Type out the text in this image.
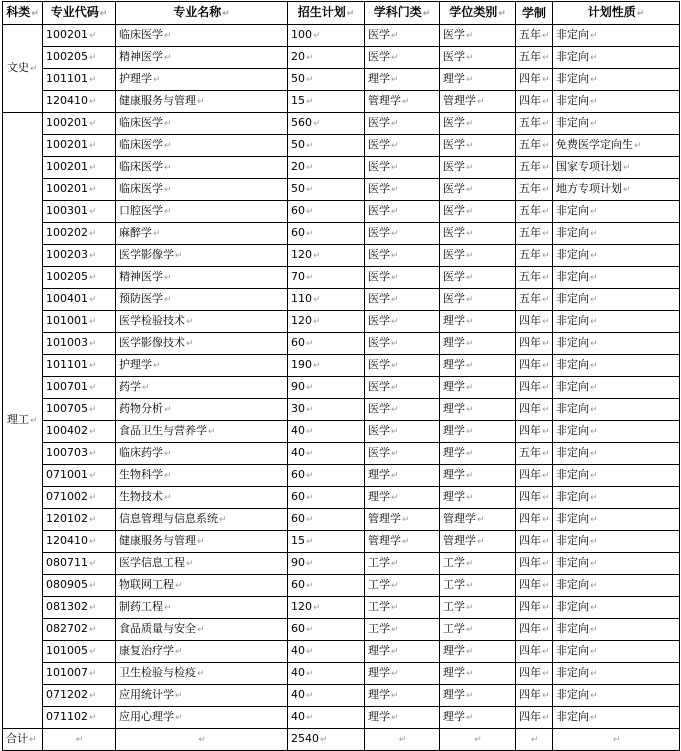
科类↵	专业代码↵	专业名称↵	招生计划↵	学科门类↵	学位类别↵	学制	计划性质↵
文史↵	100201↵	临床医学↵	100↵	医学↵	医学↵	五年↵	非定向↵
	100205↵	精神医学↵	20↵	医学↵	医学↵	五年↵	非定向↵
	101101↵	护理学↵	50↵	理学↵	理学↵	四年↵	非定向↵
	120410↵	健康服务与管理↵	15↵	管理学↵	管理学↵	四年↵	非定向↵
理工↵	100201↵	临床医学↵	560↵	医学↵	医学↵	五年↵	非定向↵
	100201↵	临床医学↵	50↵	医学↵	医学↵	五年↵	免费医学定向生↵
	100201↵	临床医学↵	20↵	医学↵	医学↵	五年↵	国家专项计划↵
	100201↵	临床医学↵	50↵	医学↵	医学↵	五年↵	地方专项计划↵
	100301↵	口腔医学↵	60↵	医学↵	医学↵	五年↵	非定向↵
	100202↵	麻醉学↵	60↵	医学↵	医学↵	五年↵	非定向↵
	100203↵	医学影像学↵	120↵	医学↵	医学↵	五年↵	非定向↵
	100205↵	精神医学↵	70↵	医学↵	医学↵	五年↵	非定向↵
	100401↵	预防医学↵	110↵	医学↵	医学↵	五年↵	非定向↵
	101001↵	医学检验技术↵	120↵	医学↵	理学↵	四年↵	非定向↵
	101003↵	医学影像技术↵	60↵	医学↵	理学↵	四年↵	非定向↵
	101101↵	护理学↵	190↵	医学↵	理学↵	四年↵	非定向↵
	100701↵	药学↵	90↵	医学↵	理学↵	四年↵	非定向↵
	100705↵	药物分析↵	30↵	医学↵	理学↵	四年↵	非定向↵
	100402↵	食品卫生与营养学↵	40↵	医学↵	理学↵	四年↵	非定向↵
	100703↵	临床药学↵	40↵	医学↵	理学↵	五年↵	非定向↵
	071001↵	生物科学↵	60↵	理学↵	理学↵	四年↵	非定向↵
	071002↵	生物技术↵	60↵	理学↵	理学↵	四年↵	非定向↵
	120102↵	信息管理与信息系统↵	60↵	管理学↵	管理学↵	四年↵	非定向↵
	120410↵	健康服务与管理↵	15↵	管理学↵	管理学↵	四年↵	非定向↵
	080711↵	医学信息工程↵	90↵	工学↵	工学↵	四年↵	非定向↵
	080905↵	物联网工程↵	60↵	工学↵	工学↵	四年↵	非定向↵
	081302↵	制药工程↵	120↵	工学↵	工学↵	四年↵	非定向↵
	082702↵	食品质量与安全↵	60↵	工学↵	工学↵	四年↵	非定向↵
	101005↵	康复治疗学↵	40↵	理学↵	理学↵	四年↵	非定向↵
	101007↵	卫生检验与检疫↵	40↵	理学↵	理学↵	四年↵	非定向↵
	071202↵	应用统计学↵	40↵	理学↵	理学↵	四年↵	非定向↵
	071102↵	应用心理学↵	40↵	理学↵	理学↵	四年↵	非定向↵
合计↵	↵	↵	2540↵	↵	↵	↵	↵
